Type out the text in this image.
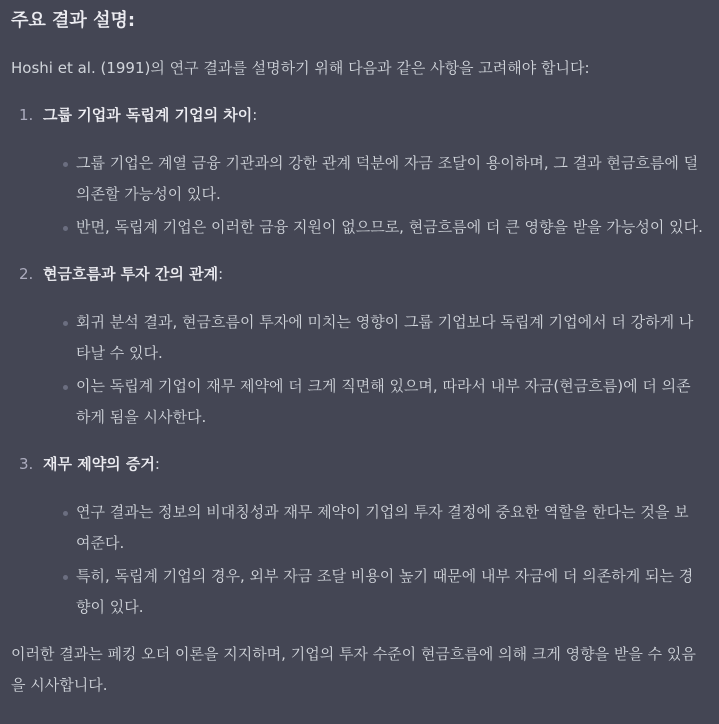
주요 결과 설명:

Hoshi et al. (1991)의 연구 결과를 설명하기 위해 다음과 같은 사항을 고려해야 합니다:

1. 그룹 기업과 독립계 기업의 차이:
그룹 기업은 계열 금융 기관과의 강한 관계 덕분에 자금 조달이 용이하며, 그 결과 현금흐름에 덜 의존할 가능성이 있다.
반면, 독립계 기업은 이러한 금융 지원이 없으므로, 현금흐름에 더 큰 영향을 받을 가능성이 있다.
2. 현금흐름과 투자 간의 관계:
회귀 분석 결과, 현금흐름이 투자에 미치는 영향이 그룹 기업보다 독립계 기업에서 더 강하게 나타날 수 있다.
이는 독립계 기업이 재무 제약에 더 크게 직면해 있으며, 따라서 내부 자금(현금흐름)에 더 의존하게 됨을 시사한다.
3. 재무 제약의 증거:
연구 결과는 정보의 비대칭성과 재무 제약이 기업의 투자 결정에 중요한 역할을 한다는 것을 보여준다.
특히, 독립계 기업의 경우, 외부 자금 조달 비용이 높기 때문에 내부 자금에 더 의존하게 되는 경향이 있다.

이러한 결과는 페킹 오더 이론을 지지하며, 기업의 투자 수준이 현금흐름에 의해 크게 영향을 받을 수 있음을 시사합니다.
